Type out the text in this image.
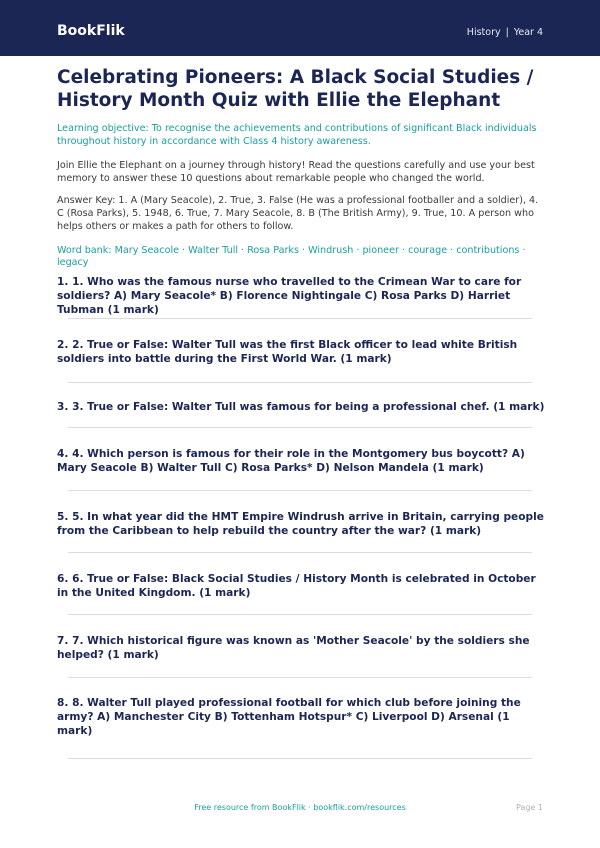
BookFlik	History | Year 4
Celebrating Pioneers: A Black Social Studies / History Month Quiz with Ellie the Elephant

Learning objective: To recognise the achievements and contributions of significant Black individuals throughout history in accordance with Class 4 history awareness.

Join Ellie the Elephant on a journey through history! Read the questions carefully and use your best memory to answer these 10 questions about remarkable people who changed the world.

Answer Key: 1. A (Mary Seacole), 2. True, 3. False (He was a professional footballer and a soldier), 4. C (Rosa Parks), 5. 1948, 6. True, 7. Mary Seacole, 8. B (The British Army), 9. True, 10. A person who helps others or makes a path for others to follow.

Word bank: Mary Seacole · Walter Tull · Rosa Parks · Windrush · pioneer · courage · contributions · legacy

1. 1. Who was the famous nurse who travelled to the Crimean War to care for soldiers? A) Mary Seacole* B) Florence Nightingale C) Rosa Parks D) Harriet Tubman (1 mark)

2. 2. True or False: Walter Tull was the first Black officer to lead white British soldiers into battle during the First World War. (1 mark)

3. 3. True or False: Walter Tull was famous for being a professional chef. (1 mark)

4. 4. Which person is famous for their role in the Montgomery bus boycott? A) Mary Seacole B) Walter Tull C) Rosa Parks* D) Nelson Mandela (1 mark)

5. 5. In what year did the HMT Empire Windrush arrive in Britain, carrying people from the Caribbean to help rebuild the country after the war? (1 mark)

6. 6. True or False: Black Social Studies / History Month is celebrated in October in the United Kingdom. (1 mark)

7. 7. Which historical figure was known as 'Mother Seacole' by the soldiers she helped? (1 mark)

8. 8. Walter Tull played professional football for which club before joining the army? A) Manchester City B) Tottenham Hotspur* C) Liverpool D) Arsenal (1 mark)

Free resource from BookFlik · bookflik.com/resources	Page 1
